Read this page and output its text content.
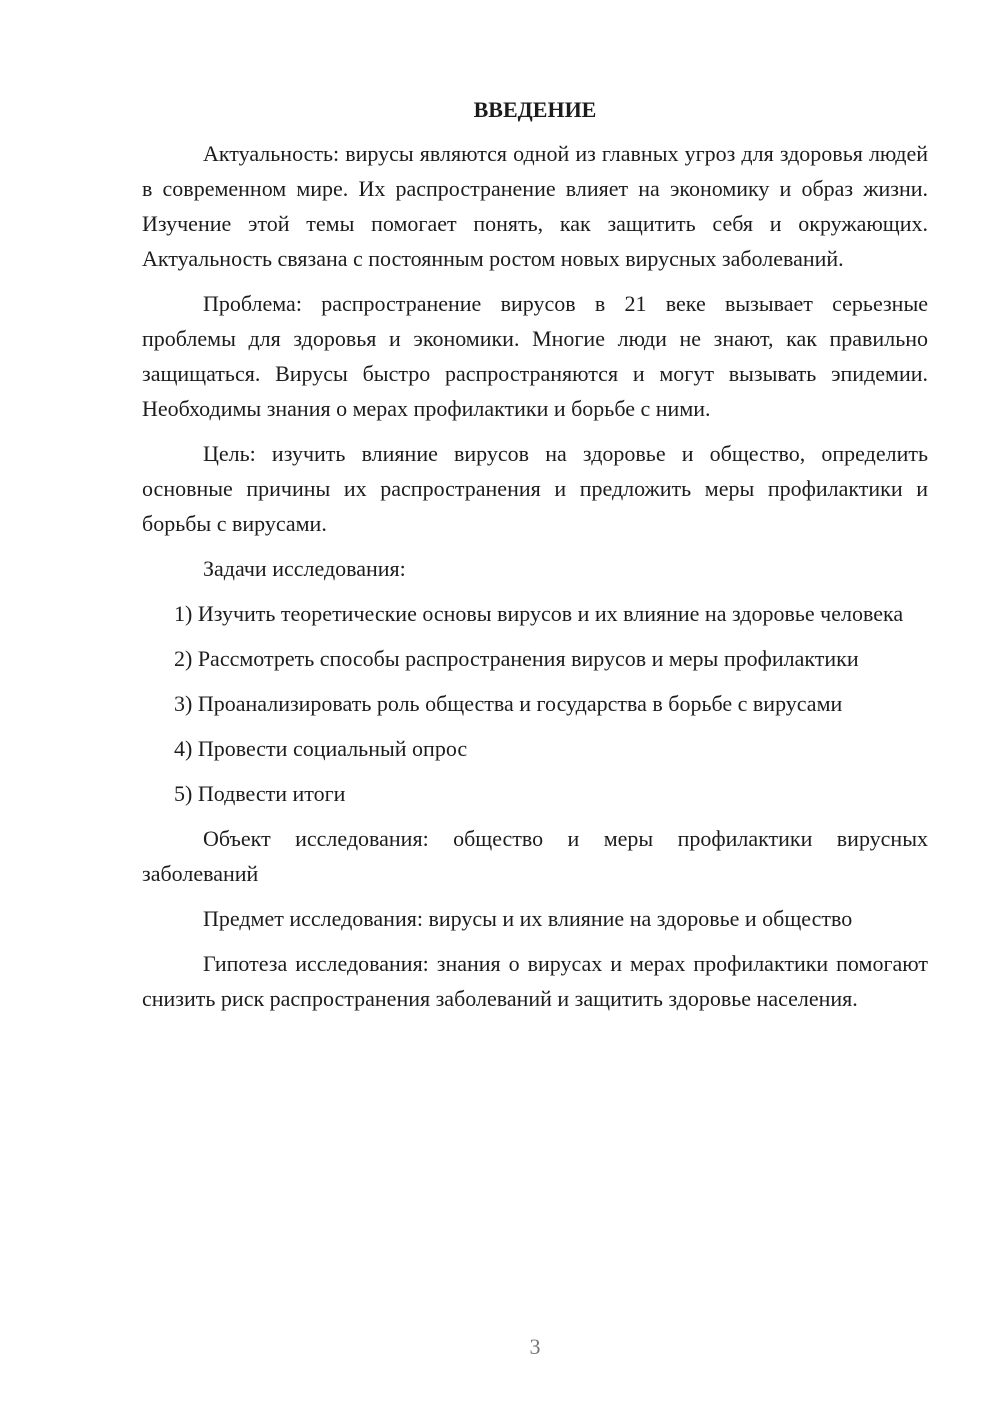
ВВЕДЕНИЕ

Актуальность: вирусы являются одной из главных угроз для здоровья людей в современном мире. Их распространение влияет на экономику и образ жизни. Изучение этой темы помогает понять, как защитить себя и окружающих. Актуальность связана с постоянным ростом новых вирусных заболеваний.

Проблема: распространение вирусов в 21 веке вызывает серьезные проблемы для здоровья и экономики. Многие люди не знают, как правильно защищаться. Вирусы быстро распространяются и могут вызывать эпидемии. Необходимы знания о мерах профилактики и борьбе с ними.

Цель: изучить влияние вирусов на здоровье и общество, определить основные причины их распространения и предложить меры профилактики и борьбы с вирусами.

Задачи исследования:

1) Изучить теоретические основы вирусов и их влияние на здоровье человека

2) Рассмотреть способы распространения вирусов и меры профилактики

3) Проанализировать роль общества и государства в борьбе с вирусами

4) Провести социальный опрос

5) Подвести итоги

Объект исследования: общество и меры профилактики вирусных заболеваний

Предмет исследования: вирусы и их влияние на здоровье и общество

Гипотеза исследования: знания о вирусах и мерах профилактики помогают снизить риск распространения заболеваний и защитить здоровье населения.

3
